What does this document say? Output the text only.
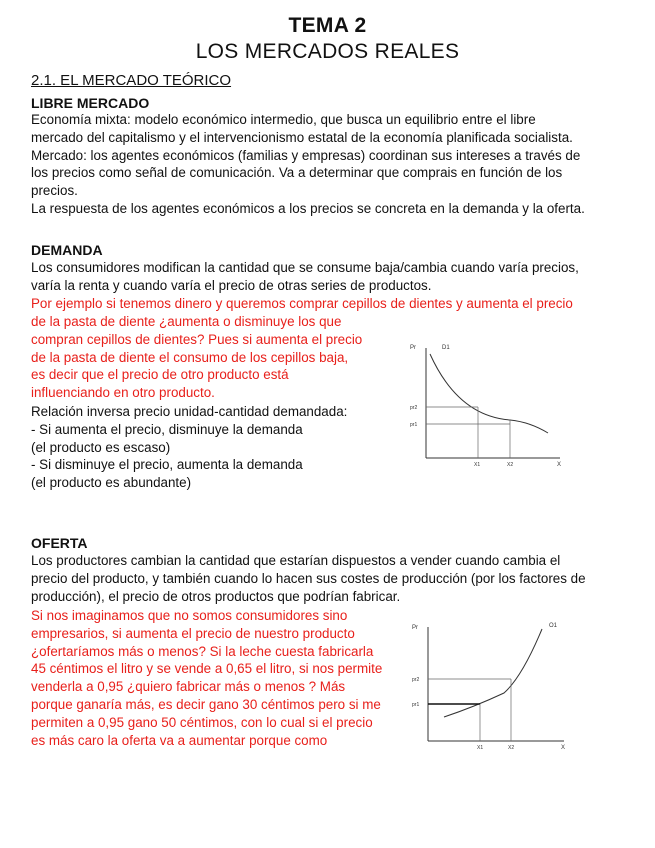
TEMA 2
LOS MERCADOS REALES
2.1. EL MERCADO TEÓRICO
LIBRE MERCADO
Economía mixta: modelo económico intermedio, que busca un equilibrio entre el libre
mercado del capitalismo y el intervencionismo estatal de la economía planificada socialista.
Mercado: los agentes económicos (familias y empresas) coordinan sus intereses a través de
los precios como señal de comunicación. Va a determinar que comprais en función de los
precios.
La respuesta de los agentes económicos a los precios se concreta en la demanda y la oferta.
DEMANDA
Los consumidores modifican la cantidad que se consume baja/cambia cuando varía precios,
varía la renta y cuando varía el precio de otras series de productos.
Por ejemplo si tenemos dinero y queremos comprar cepillos de dientes y aumenta el precio
de la pasta de diente ¿aumenta o disminuye los que
compran cepillos de dientes? Pues si aumenta el precio
de la pasta de diente el consumo de los cepillos baja,
es decir que el precio de otro producto está
influenciando en otro producto.
Relación inversa precio unidad-cantidad demandada:
- Si aumenta el precio, disminuye la demanda
(el producto es escaso)
- Si disminuye el precio, aumenta la demanda
(el producto es abundante)
Pr	D1
pr2
pr1
X1	X2	X
OFERTA
Los productores cambian la cantidad que estarían dispuestos a vender cuando cambia el
precio del producto, y también cuando lo hacen sus costes de producción (por los factores de
producción), el precio de otros productos que podrían fabricar.
Si nos imaginamos que no somos consumidores sino
empresarios, si aumenta el precio de nuestro producto
¿ofertaríamos más o menos? Si la leche cuesta fabricarla
45 céntimos el litro y se vende a 0,65 el litro, si nos permite
venderla a 0,95 ¿quiero fabricar más o menos ? Más
porque ganaría más, es decir gano 30 céntimos pero si me
permiten a 0,95 gano 50 céntimos, con lo cual si el precio
es más caro la oferta va a aumentar porque como
Pr	O1
pr2
pr1
X1	X2	X
